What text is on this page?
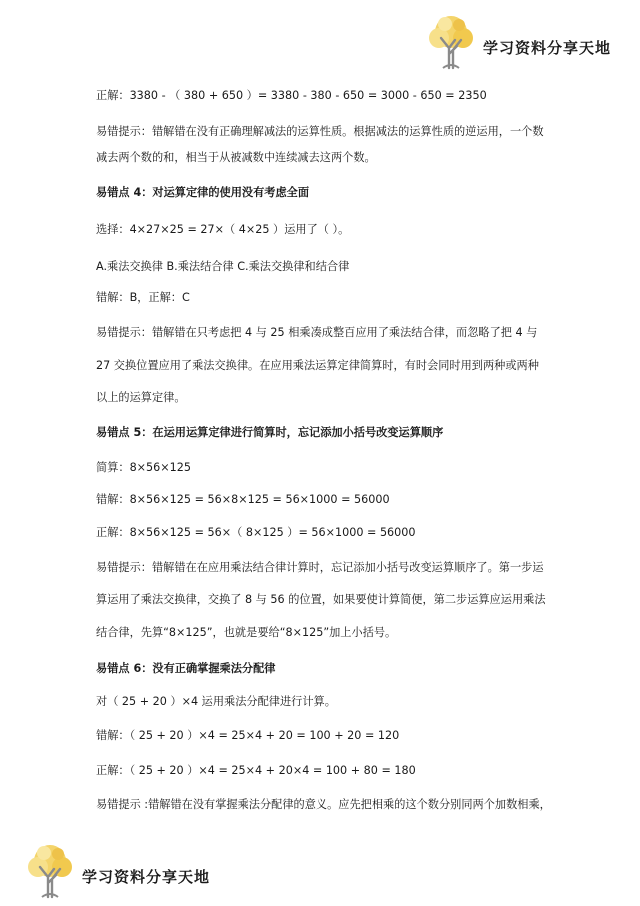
学习资料分享天地
正解：3380 - （ 380 + 650 ）= 3380 - 380 - 650 = 3000 - 650 = 2350
易错提示：错解错在没有正确理解减法的运算性质。根据减法的运算性质的逆运用，一个数
减去两个数的和，相当于从被减数中连续减去这两个数。
易错点 4：对运算定律的使用没有考虑全面
选择：4×27×25 = 27×（ 4×25 ）运用了（ ）。
A.乘法交换律 B.乘法结合律 C.乘法交换律和结合律
错解：B，正解：C
易错提示：错解错在只考虑把 4 与 25 相乘凑成整百应用了乘法结合律，而忽略了把 4 与
27 交换位置应用了乘法交换律。在应用乘法运算定律简算时，有时会同时用到两种或两种
以上的运算定律。
易错点 5：在运用运算定律进行简算时，忘记添加小括号改变运算顺序
简算：8×56×125
错解：8×56×125 = 56×8×125 = 56×1000 = 56000
正解：8×56×125 = 56×（ 8×125 ）= 56×1000 = 56000
易错提示：错解错在在应用乘法结合律计算时，忘记添加小括号改变运算顺序了。第一步运
算运用了乘法交换律，交换了 8 与 56 的位置，如果要使计算简便，第二步运算应运用乘法
结合律，先算“8×125”，也就是要给“8×125”加上小括号。
易错点 6：没有正确掌握乘法分配律
对（ 25 + 20 ）×4 运用乘法分配律进行计算。
错解：（ 25 + 20 ）×4 = 25×4 + 20 = 100 + 20 = 120
正解：（ 25 + 20 ）×4 = 25×4 + 20×4 = 100 + 80 = 180
易错提示 :错解错在没有掌握乘法分配律的意义。应先把相乘的这个数分别同两个加数相乘，
学习资料分享天地
